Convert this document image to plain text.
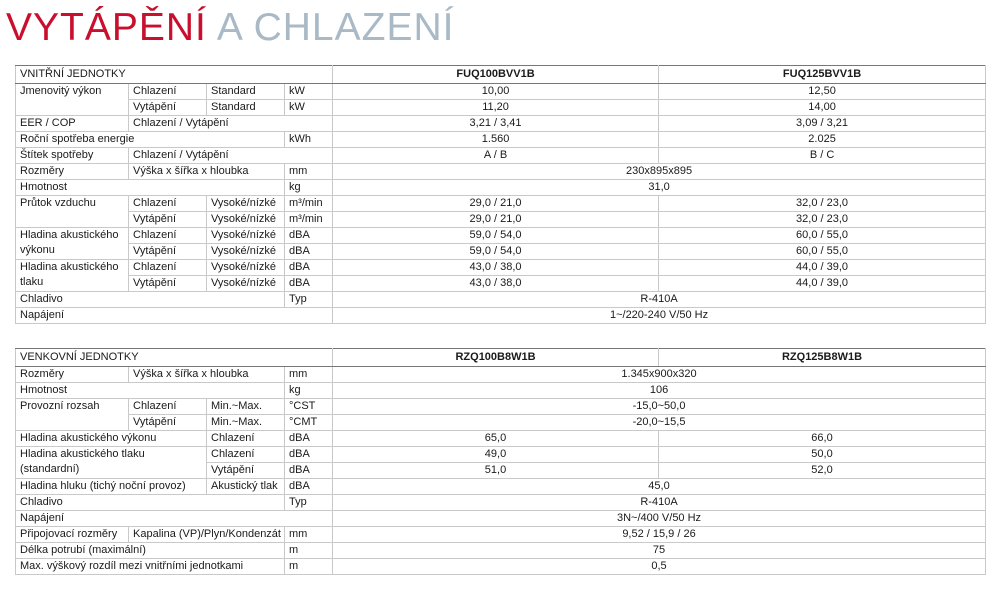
VYTÁPĚNÍ A CHLAZENÍ
VNITŘNÍ JEDNOTKY				FUQ100BVV1B	FUQ125BVV1B
Jmenovitý výkon	Chlazení	Standard	kW	10,00	12,50
	Vytápění	Standard	kW	11,20	14,00
EER / COP	Chlazení / Vytápění			3,21 / 3,41	3,09 / 3,21
Roční spotřeba energie			kWh	1.560	2.025
Štítek spotřeby	Chlazení / Vytápění			A / B	B / C
Rozměry	Výška x šířka x hloubka		mm	230x895x895	
Hmotnost			kg	31,0	
Průtok vzduchu	Chlazení	Vysoké/nízké	m³/min	29,0 / 21,0	32,0 / 23,0
	Vytápění	Vysoké/nízké	m³/min	29,0 / 21,0	32,0 / 23,0
Hladina akustického výkonu	Chlazení	Vysoké/nízké	dBA	59,0 / 54,0	60,0 / 55,0
	Vytápění	Vysoké/nízké	dBA	59,0 / 54,0	60,0 / 55,0
Hladina akustického tlaku	Chlazení	Vysoké/nízké	dBA	43,0 / 38,0	44,0 / 39,0
	Vytápění	Vysoké/nízké	dBA	43,0 / 38,0	44,0 / 39,0
Chladivo			Typ	R-410A	
Napájení				1~/220-240 V/50 Hz	
VENKOVNÍ JEDNOTKY				RZQ100B8W1B	RZQ125B8W1B
Rozměry	Výška x šířka x hloubka		mm	1.345x900x320	
Hmotnost			kg	106	
Provozní rozsah	Chlazení	Min.~Max.	°CST	-15,0~50,0	
	Vytápění	Min.~Max.	°CMT	-20,0~15,5	
Hladina akustického výkonu		Chlazení	dBA	65,0	66,0
Hladina akustického tlaku (standardní)		Chlazení	dBA	49,0	50,0
		Vytápění	dBA	51,0	52,0
Hladina hluku (tichý noční provoz)		Akustický tlak	dBA	45,0	
Chladivo			Typ	R-410A	
Napájení				3N~/400 V/50 Hz	
Připojovací rozměry	Kapalina (VP)/Plyn/Kondenzát		mm	9,52 / 15,9 / 26	
Délka potrubí (maximální)			m	75	
Max. výškový rozdíl mezi vnitřními jednotkami			m	0,5	
